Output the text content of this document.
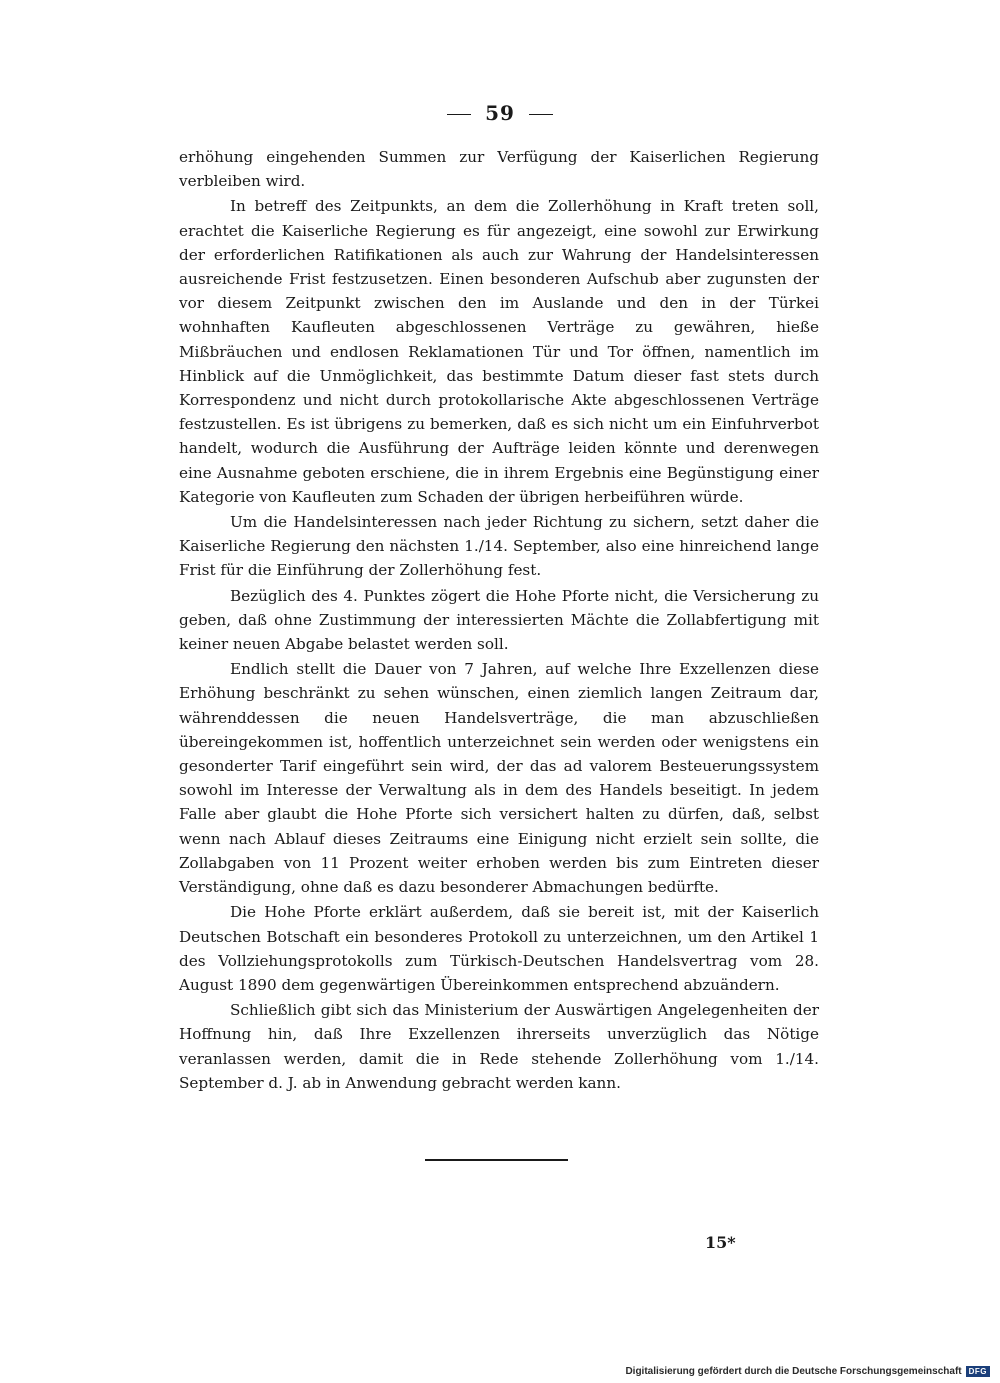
59

erhöhung eingehenden Summen zur Verfügung der Kaiserlichen Regierung verbleiben wird.

In betreff des Zeitpunkts, an dem die Zollerhöhung in Kraft treten soll, erachtet die Kaiserliche Regierung es für angezeigt, eine sowohl zur Erwirkung der erforderlichen Ratifikationen als auch zur Wahrung der Handelsinteressen ausreichende Frist festzusetzen. Einen besonderen Aufschub aber zugunsten der vor diesem Zeitpunkt zwischen den im Auslande und den in der Türkei wohnhaften Kaufleuten abgeschlossenen Verträge zu gewähren, hieße Mißbräuchen und endlosen Reklamationen Tür und Tor öffnen, namentlich im Hinblick auf die Unmöglichkeit, das bestimmte Datum dieser fast stets durch Korrespondenz und nicht durch protokollarische Akte abgeschlossenen Verträge festzustellen. Es ist übrigens zu bemerken, daß es sich nicht um ein Einfuhrverbot handelt, wodurch die Ausführung der Aufträge leiden könnte und derenwegen eine Ausnahme geboten erschiene, die in ihrem Ergebnis eine Begünstigung einer Kategorie von Kaufleuten zum Schaden der übrigen herbeiführen würde.

Um die Handelsinteressen nach jeder Richtung zu sichern, setzt daher die Kaiserliche Regierung den nächsten 1./14. September, also eine hinreichend lange Frist für die Einführung der Zollerhöhung fest.

Bezüglich des 4. Punktes zögert die Hohe Pforte nicht, die Versicherung zu geben, daß ohne Zustimmung der interessierten Mächte die Zollabfertigung mit keiner neuen Abgabe belastet werden soll.

Endlich stellt die Dauer von 7 Jahren, auf welche Ihre Exzellenzen diese Erhöhung beschränkt zu sehen wünschen, einen ziemlich langen Zeitraum dar, währenddessen die neuen Handelsverträge, die man abzuschließen übereingekommen ist, hoffentlich unterzeichnet sein werden oder wenigstens ein gesonderter Tarif eingeführt sein wird, der das ad valorem Besteuerungssystem sowohl im Interesse der Verwaltung als in dem des Handels beseitigt. In jedem Falle aber glaubt die Hohe Pforte sich versichert halten zu dürfen, daß, selbst wenn nach Ablauf dieses Zeitraums eine Einigung nicht erzielt sein sollte, die Zollabgaben von 11 Prozent weiter erhoben werden bis zum Eintreten dieser Verständigung, ohne daß es dazu besonderer Abmachungen bedürfte.

Die Hohe Pforte erklärt außerdem, daß sie bereit ist, mit der Kaiserlich Deutschen Botschaft ein besonderes Protokoll zu unterzeichnen, um den Artikel 1 des Vollziehungsprotokolls zum Türkisch-Deutschen Handelsvertrag vom 28. August 1890 dem gegenwärtigen Übereinkommen entsprechend abzuändern.

Schließlich gibt sich das Ministerium der Auswärtigen Angelegenheiten der Hoffnung hin, daß Ihre Exzellenzen ihrerseits unverzüglich das Nötige veranlassen werden, damit die in Rede stehende Zollerhöhung vom 1./14. September d. J. ab in Anwendung gebracht werden kann.

15*
Digitalisierung gefördert durch die Deutsche Forschungsgemeinschaft DFG
